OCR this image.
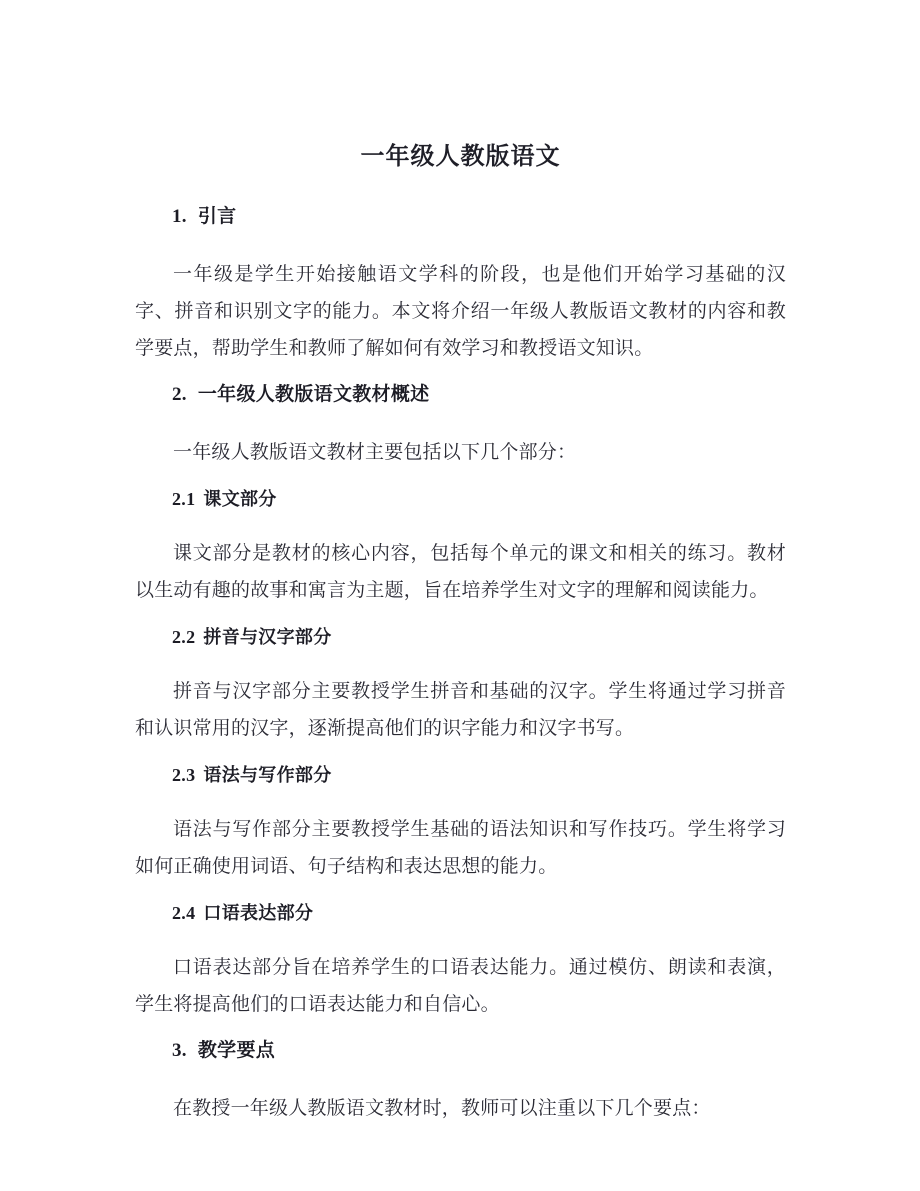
一年级人教版语文
1. 引言

一年级是学生开始接触语文学科的阶段，也是他们开始学习基础的汉字、拼音和识别文字的能力。本文将介绍一年级人教版语文教材的内容和教学要点，帮助学生和教师了解如何有效学习和教授语文知识。

2. 一年级人教版语文教材概述

一年级人教版语文教材主要包括以下几个部分：

2.1 课文部分

课文部分是教材的核心内容，包括每个单元的课文和相关的练习。教材以生动有趣的故事和寓言为主题，旨在培养学生对文字的理解和阅读能力。

2.2 拼音与汉字部分

拼音与汉字部分主要教授学生拼音和基础的汉字。学生将通过学习拼音和认识常用的汉字，逐渐提高他们的识字能力和汉字书写。

2.3 语法与写作部分

语法与写作部分主要教授学生基础的语法知识和写作技巧。学生将学习如何正确使用词语、句子结构和表达思想的能力。

2.4 口语表达部分

口语表达部分旨在培养学生的口语表达能力。通过模仿、朗读和表演，学生将提高他们的口语表达能力和自信心。

3. 教学要点

在教授一年级人教版语文教材时，教师可以注重以下几个要点：
